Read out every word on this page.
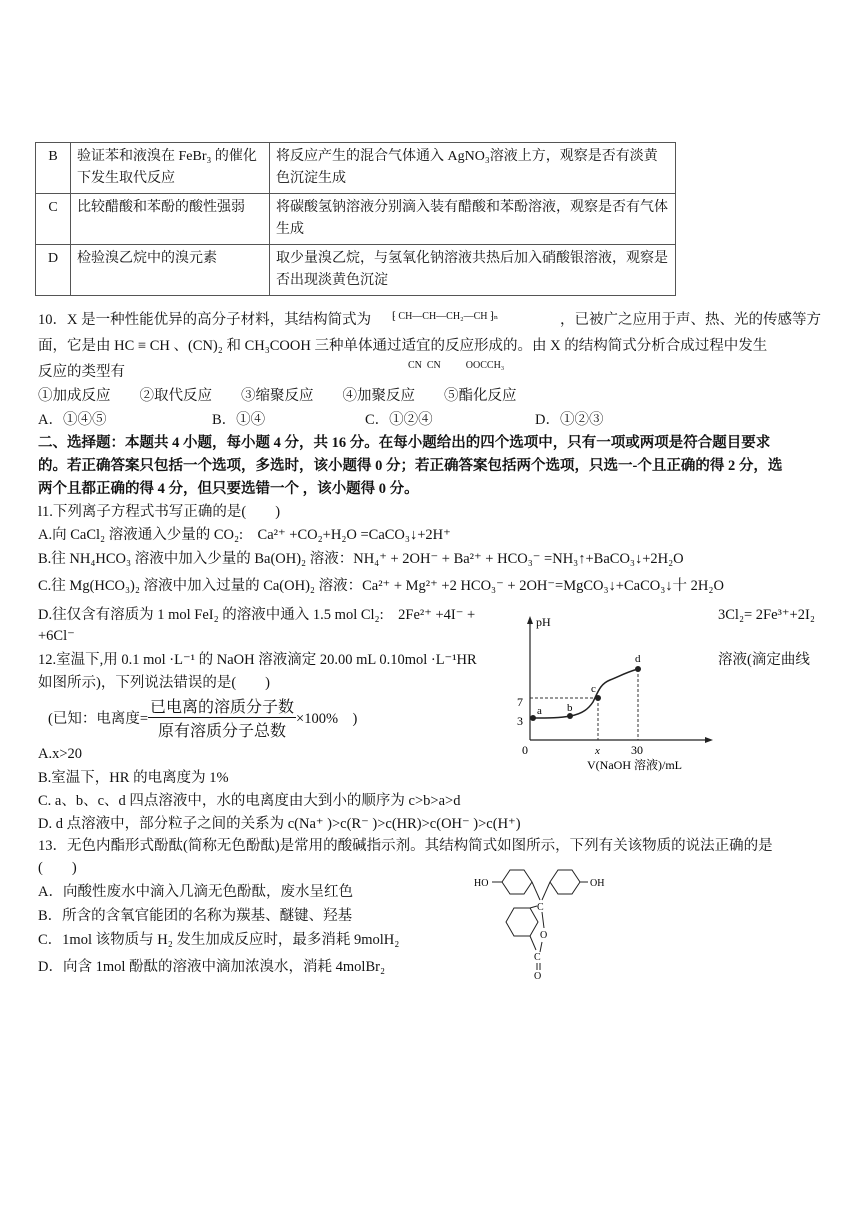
B	验证苯和液溴在 FeBr₃ 的催化下发生取代反应	将反应产生的混合气体通入 AgNO₃溶液上方，观察是否有淡黄色沉淀生成
C	比较醋酸和苯酚的酸性强弱	将碳酸氢钠溶液分别滴入装有醋酸和苯酚溶液，观察是否有气体生成
D	检验溴乙烷中的溴元素	取少量溴乙烷，与氢氧化钠溶液共热后加入硝酸银溶液，观察是否出现淡黄色沉淀
10．X 是一种性能优异的高分子材料，其结构简式为

⁅ CH—CH—CH₂—CH ⁆ₙ

CN  CN          OOCCH₃

，已被广之应用于声、热、光的传感等方
面，它是由 HC ≡ CH 、(CN)₂ 和 CH₃COOH 三种单体通过适宜的反应形成的。由 X 的结构简式分析合成过程中发生
反应的类型有
①加成反应　　②取代反应　　③缩聚反应　　④加聚反应　　⑤酯化反应
A．①④⑤	B．①④	C．①②④	D．①②③
二、选择题：本题共 4 小题，每小题 4 分，共 16 分。在每小题给出的四个选项中，只有一项或两项是符合题目要求
的。若正确答案只包括一个选项，多选时，该小题得 0 分；若正确答案包括两个选项，只选一-个且正确的得 2 分，选
两个且都正确的得 4 分，但只要选错一个 ，该小题得 0 分。
l1.下列离子方程式书写正确的是(　　)
A.向 CaCl₂ 溶液通入少量的 CO₂:　Ca²⁺ +CO₂+H₂O =CaCO₃↓+2H⁺
B.往 NH₄HCO₃ 溶液中加入少量的 Ba(OH)₂ 溶液：NH₄⁺ + 2OH⁻ + Ba²⁺ + HCO₃⁻ =NH₃↑+BaCO₃↓+2H₂O
C.往 Mg(HCO₃)₂ 溶液中加入过量的 Ca(OH)₂ 溶液：Ca²⁺ + Mg²⁺ +2 HCO₃⁻ + 2OH⁻=MgCO₃↓+CaCO₃↓十 2H₂O
D.往仅含有溶质为 1 mol FeI₂ 的溶液中通入 1.5 mol Cl₂:　2Fe²⁺ +4I⁻ +	3Cl₂= 2Fe³⁺+2I₂
+6Cl⁻
12.室温下,用 0.1 mol ·L⁻¹ 的 NaOH 溶液滴定 20.00 mL 0.10mol ·L⁻¹HR	溶液(滴定曲线
如图所示)，下列说法错误的是(　　)
(已知：电离度= $\frac{\text{已电离的溶质分子数}}{\text{原有溶质分子总数}} \times 100\%$　)
A.x>20
B.室温下，HR 的电离度为 1%
C. a、b、c、d 四点溶液中，水的电离度由大到小的顺序为 c>b>a>d
D. d 点溶液中，部分粒子之间的关系为 c(Na⁺ )>c(R⁻ )>c(HR)>c(OH⁻ )>c(H⁺)
pH
7
3
0
a b
c
d
x	30
V(NaOH 溶液)/mL
13．无色内酯形式酚酞(简称无色酚酞)是常用的酸碱指示剂。其结构简式如图所示，下列有关该物质的说法正确的是
(　　)
A．向酸性废水中滴入几滴无色酚酞，废水呈红色
B．所含的含氧官能团的名称为羰基、醚键、羟基
C．1mol 该物质与 H₂ 发生加成反应时，最多消耗 9molH₂
D．向含 1mol 酚酞的溶液中滴加浓溴水，消耗 4molBr₂
HO	OH
C
O
C
O
